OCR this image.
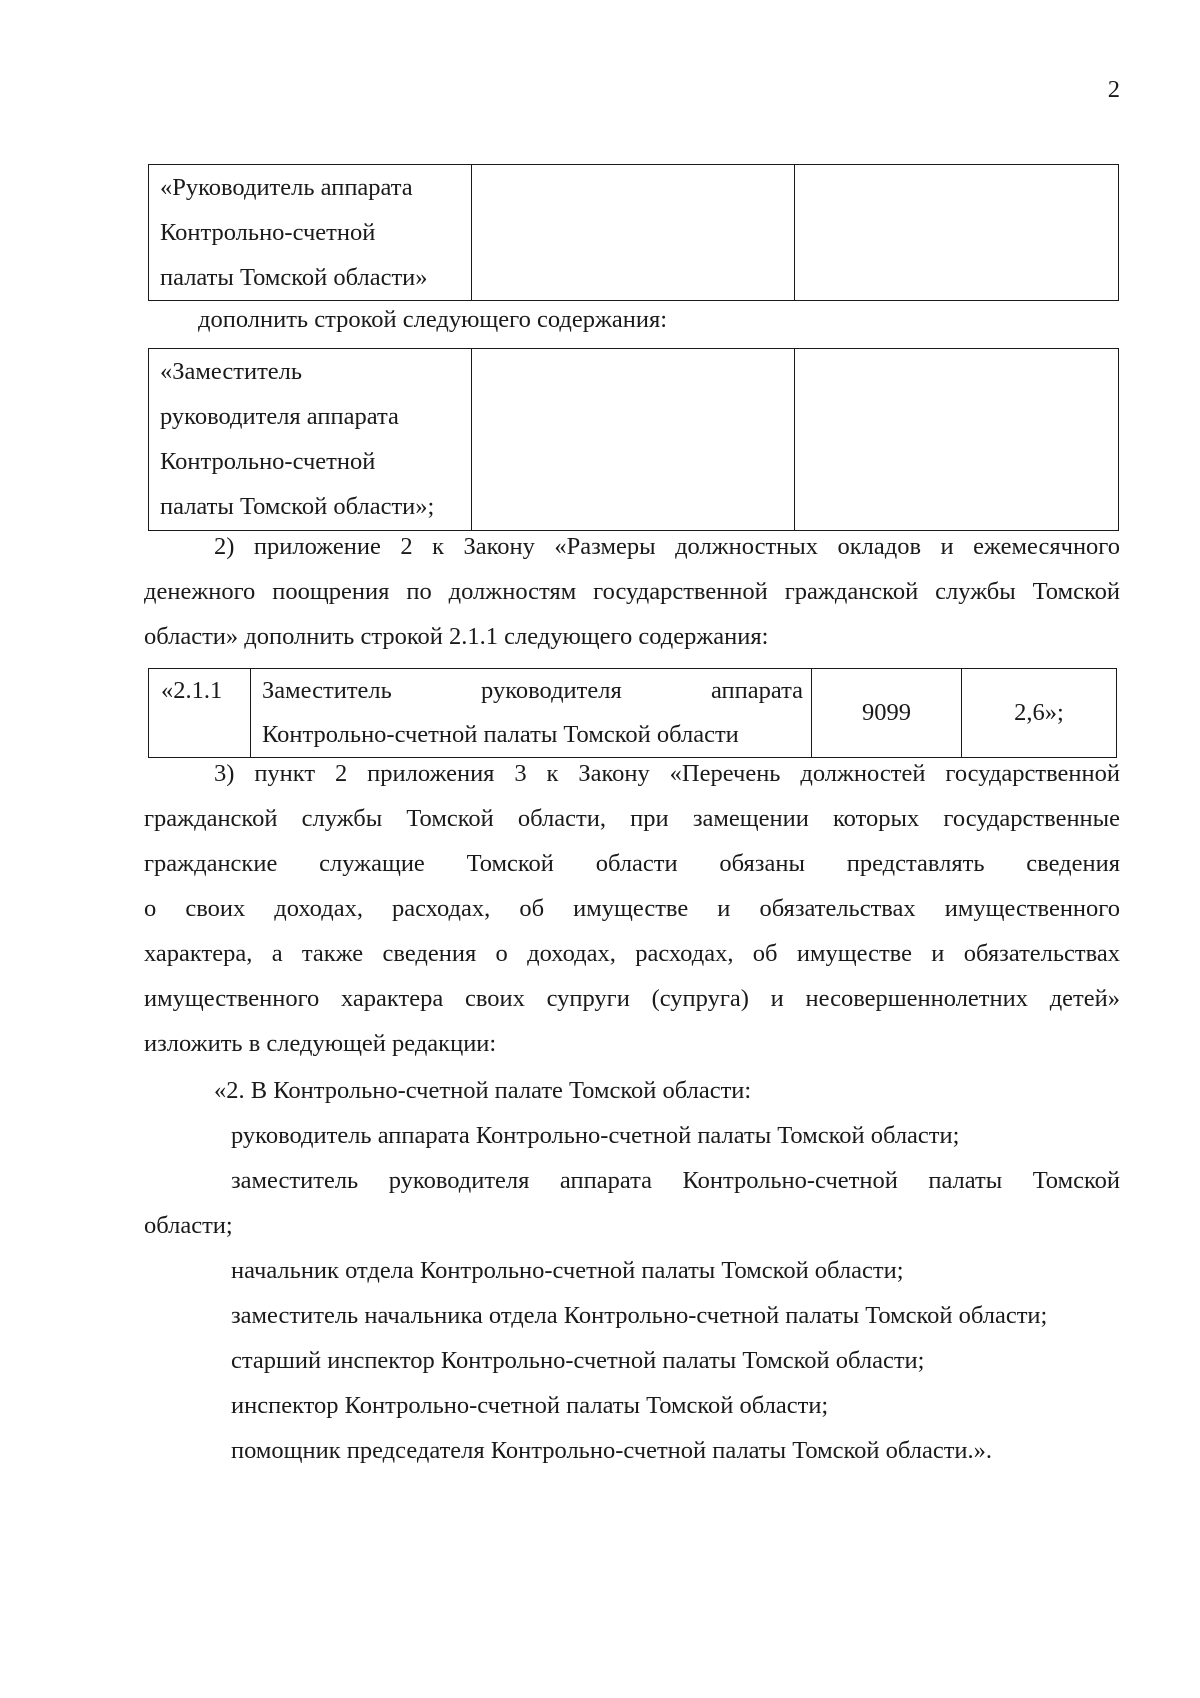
2
«Руководитель аппарата
Контрольно-счетной
палаты Томской области»

дополнить строкой следующего содержания:
«Заместитель
руководителя аппарата
Контрольно-счетной
палаты Томской области»;

2) приложение 2 к Закону «Размеры должностных окладов и ежемесячного
денежного поощрения по должностям государственной гражданской службы Томской
области» дополнить строкой 2.1.1 следующего содержания:
«2.1.1	Заместитель руководителя аппарата
Контрольно-счетной палаты Томской области
	9099	2,6»;
3) пункт 2 приложения 3 к Закону «Перечень должностей государственной
гражданской службы Томской области, при замещении которых государственные
гражданские служащие Томской области обязаны представлять сведения
о своих доходах, расходах, об имуществе и обязательствах имущественного
характера, а также сведения о доходах, расходах, об имуществе и обязательствах
имущественного характера своих супруги (супруга) и несовершеннолетних детей»
изложить в следующей редакции:
«2. В Контрольно-счетной палате Томской области:
руководитель аппарата Контрольно-счетной палаты Томской области;
заместитель руководителя аппарата Контрольно-счетной палаты Томской
области;
начальник отдела Контрольно-счетной палаты Томской области;
заместитель начальника отдела Контрольно-счетной палаты Томской области;
старший инспектор Контрольно-счетной палаты Томской области;
инспектор Контрольно-счетной палаты Томской области;
помощник председателя Контрольно-счетной палаты Томской области.».
